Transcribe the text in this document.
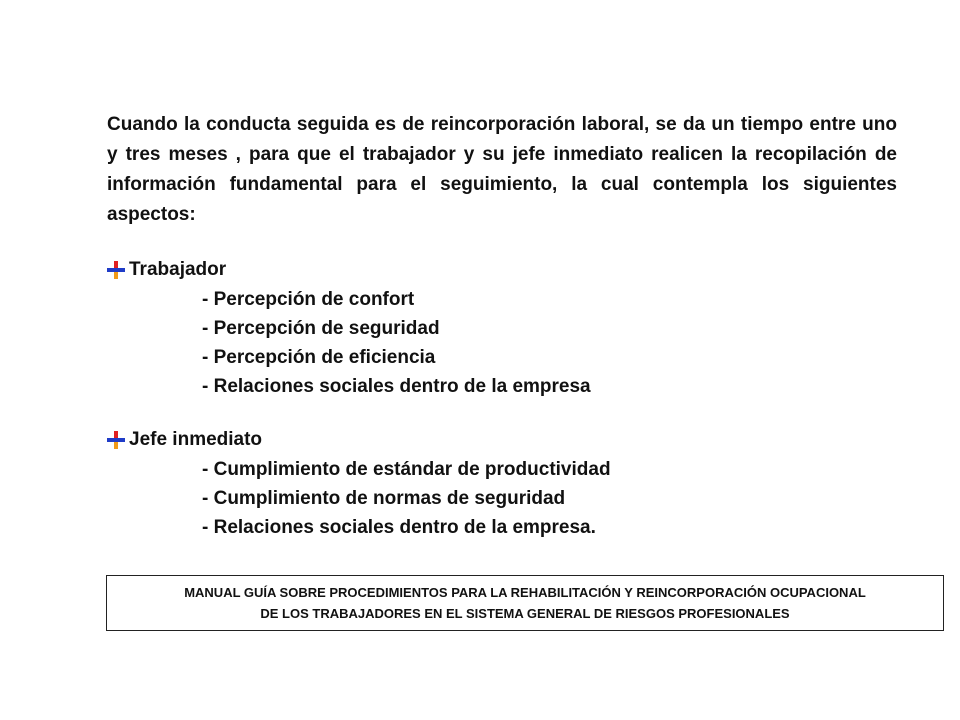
Cuando la conducta seguida es de reincorporación laboral, se da un tiempo entre uno y tres meses , para que el trabajador y su jefe inmediato realicen la recopilación de información fundamental para el seguimiento, la cual contempla los siguientes aspectos:

Trabajador
- Percepción de confort
- Percepción de seguridad
- Percepción de eficiencia
- Relaciones sociales dentro de la empresa
Jefe inmediato
- Cumplimiento de estándar de productividad
- Cumplimiento de normas de seguridad
- Relaciones sociales dentro de la empresa.
MANUAL GUÍA SOBRE PROCEDIMIENTOS PARA LA REHABILITACIÓN Y REINCORPORACIÓN OCUPACIONAL
DE LOS TRABAJADORES EN EL SISTEMA GENERAL DE RIESGOS PROFESIONALES
